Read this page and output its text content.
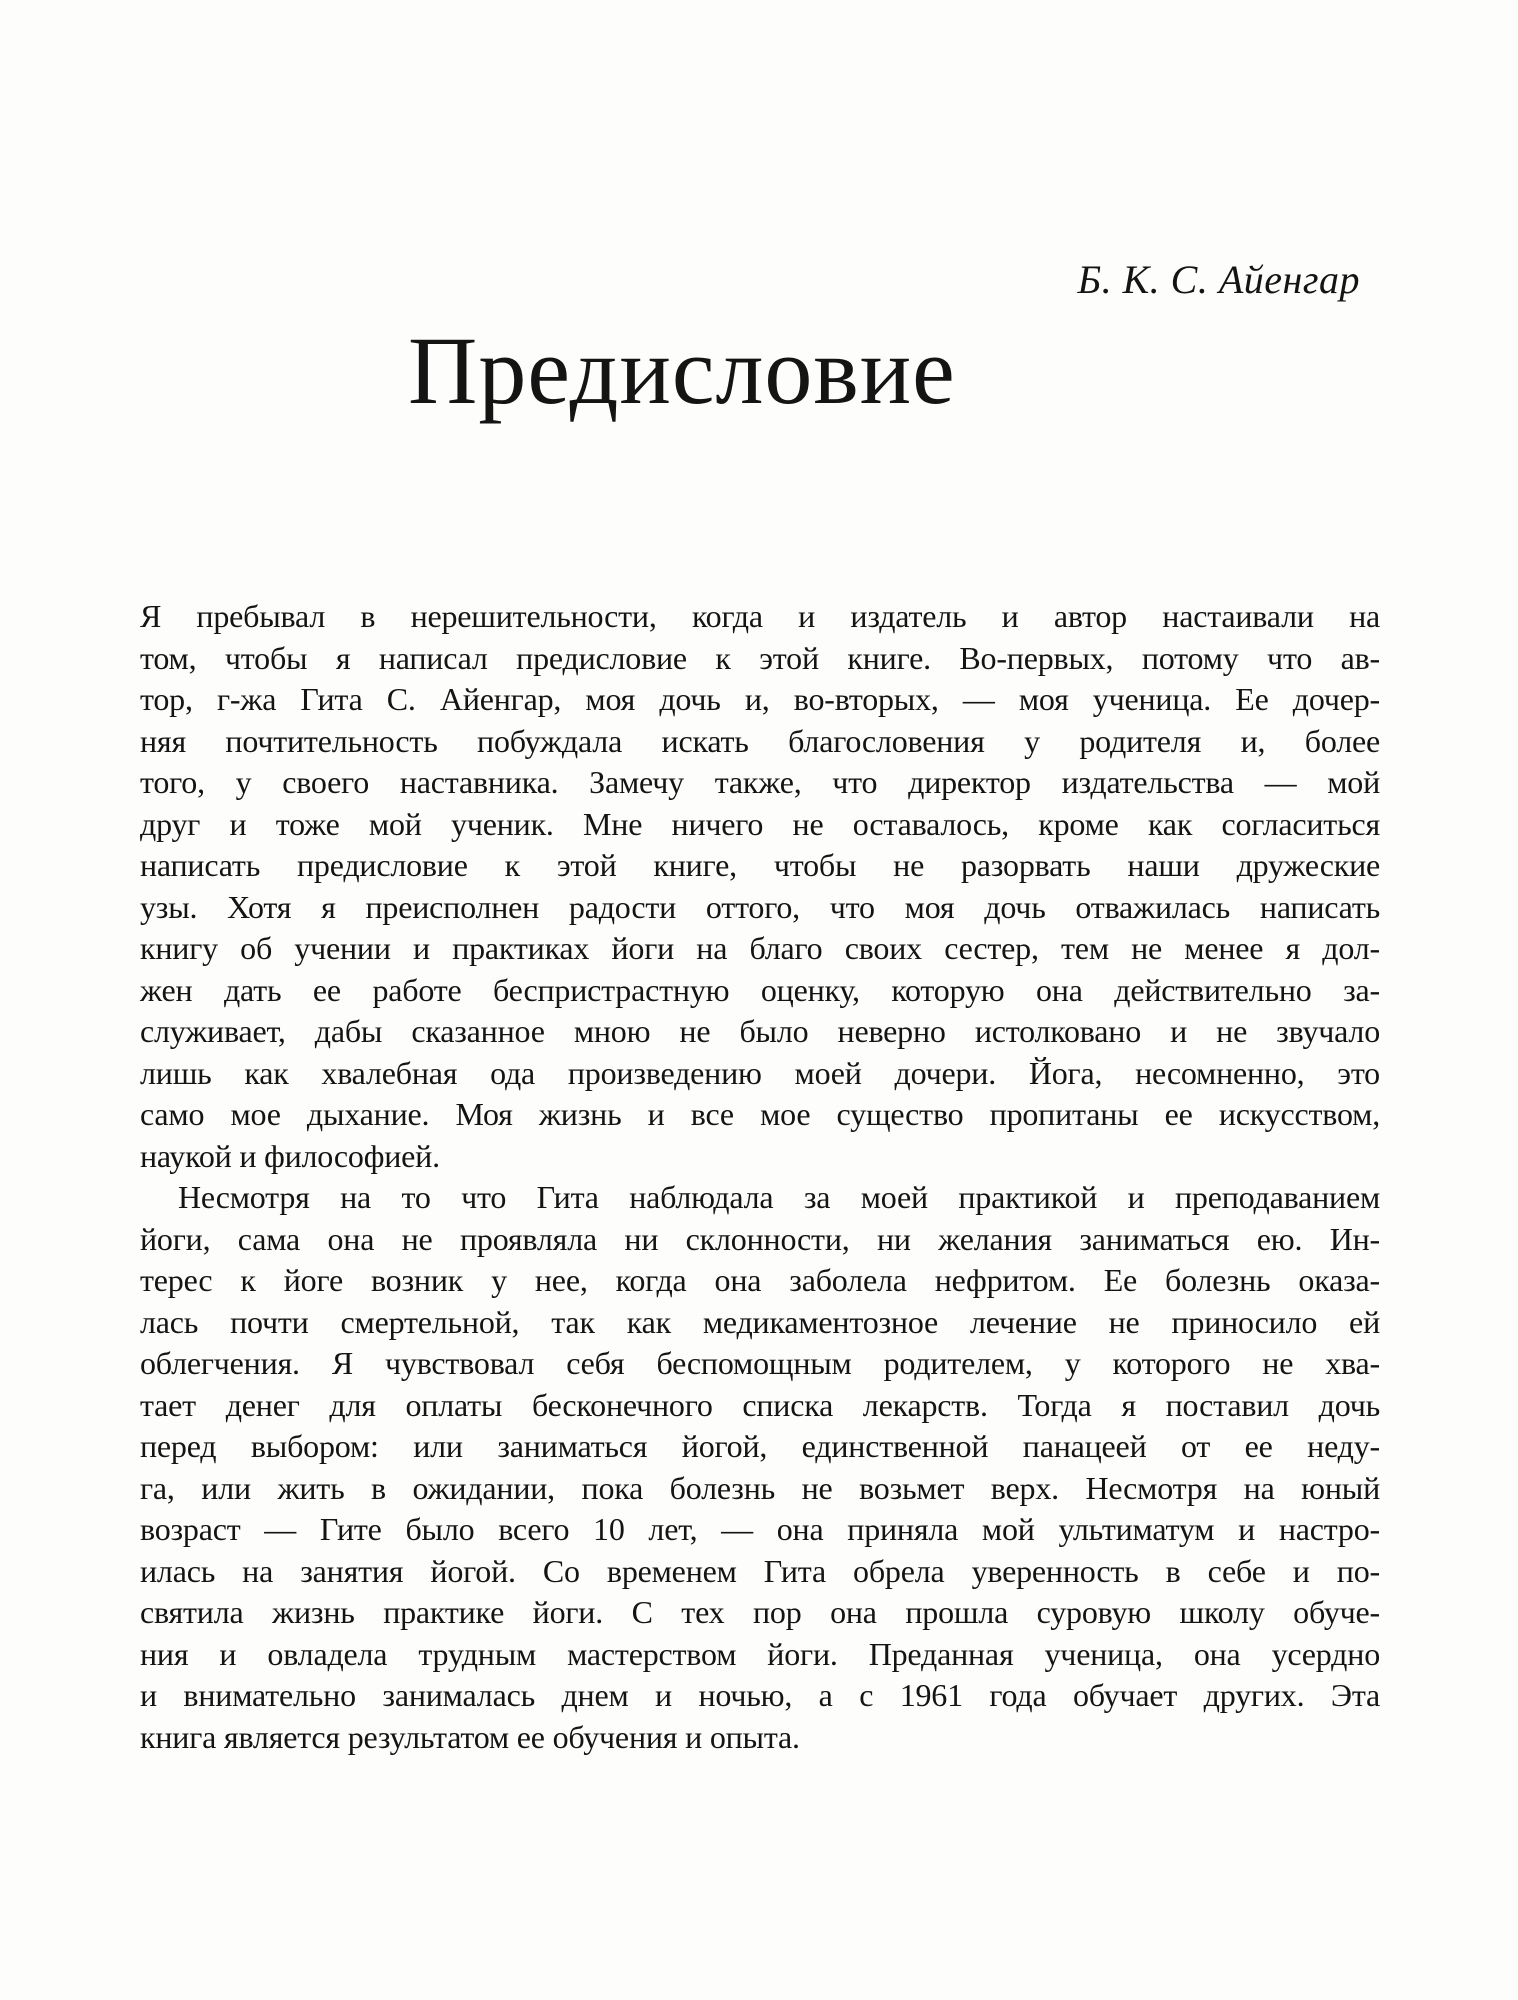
Б. К. С. Айенгар
Предисловие
Я пребывал в нерешительности, когда и издатель и автор настаивали на
том, чтобы я написал предисловие к этой книге. Во-первых, потому что ав-
тор, г-жа Гита С. Айенгар, моя дочь и, во-вторых, — моя ученица. Ее дочер-
няя почтительность побуждала искать благословения у родителя и, более
того, у своего наставника. Замечу также, что директор издательства — мой
друг и тоже мой ученик. Мне ничего не оставалось, кроме как согласиться
написать предисловие к этой книге, чтобы не разорвать наши дружеские
узы. Хотя я преисполнен радости оттого, что моя дочь отважилась написать
книгу об учении и практиках йоги на благо своих сестер, тем не менее я дол-
жен дать ее работе беспристрастную оценку, которую она действительно за-
служивает, дабы сказанное мною не было неверно истолковано и не звучало
лишь как хвалебная ода произведению моей дочери. Йога, несомненно, это
само мое дыхание. Моя жизнь и все мое существо пропитаны ее искусством,
наукой и философией.
Несмотря на то что Гита наблюдала за моей практикой и преподаванием
йоги, сама она не проявляла ни склонности, ни желания заниматься ею. Ин-
терес к йоге возник у нее, когда она заболела нефритом. Ее болезнь оказа-
лась почти смертельной, так как медикаментозное лечение не приносило ей
облегчения. Я чувствовал себя беспомощным родителем, у которого не хва-
тает денег для оплаты бесконечного списка лекарств. Тогда я поставил дочь
перед выбором: или заниматься йогой, единственной панацеей от ее неду-
га, или жить в ожидании, пока болезнь не возьмет верх. Несмотря на юный
возраст — Гите было всего 10 лет, — она приняла мой ультиматум и настро-
илась на занятия йогой. Со временем Гита обрела уверенность в себе и по-
святила жизнь практике йоги. С тех пор она прошла суровую школу обуче-
ния и овладела трудным мастерством йоги. Преданная ученица, она усердно
и внимательно занималась днем и ночью, а с 1961 года обучает других. Эта
книга является результатом ее обучения и опыта.
